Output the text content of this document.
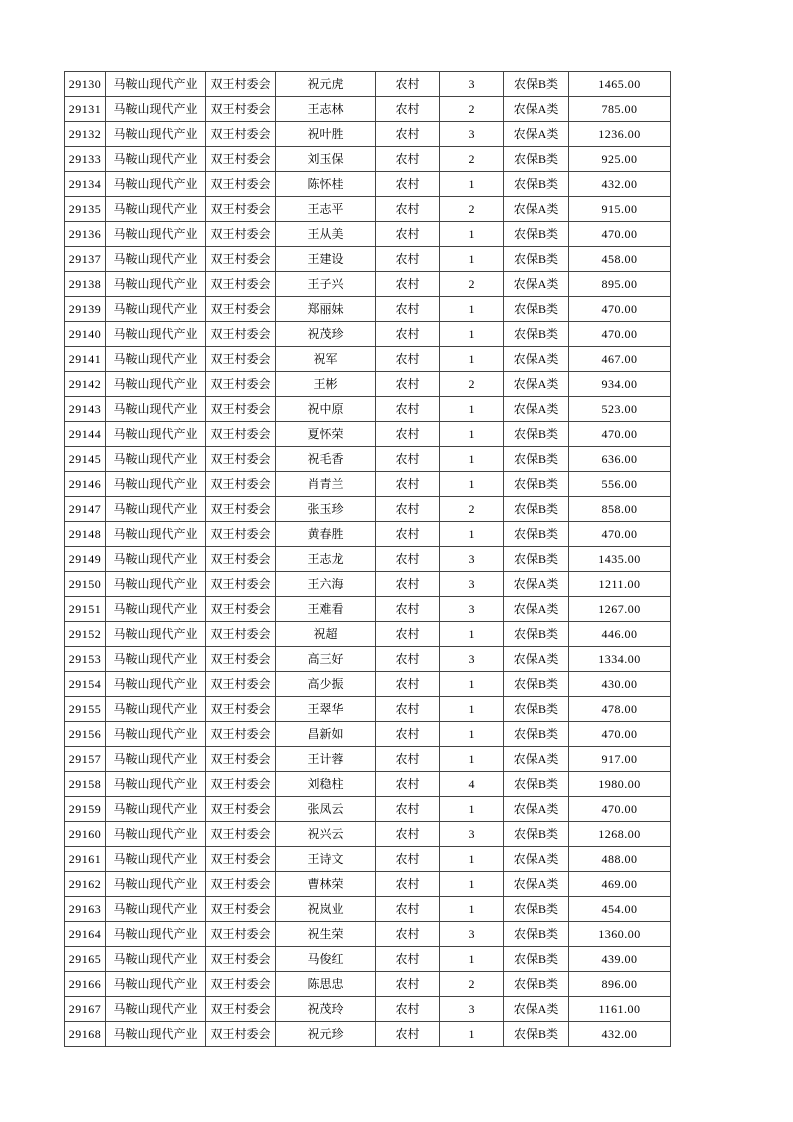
29130	马鞍山现代产业	双王村委会	祝元虎	农村	3	农保B类	1465.00
29131	马鞍山现代产业	双王村委会	王志林	农村	2	农保A类	785.00
29132	马鞍山现代产业	双王村委会	祝叶胜	农村	3	农保A类	1236.00
29133	马鞍山现代产业	双王村委会	刘玉保	农村	2	农保B类	925.00
29134	马鞍山现代产业	双王村委会	陈怀桂	农村	1	农保B类	432.00
29135	马鞍山现代产业	双王村委会	王志平	农村	2	农保A类	915.00
29136	马鞍山现代产业	双王村委会	王从美	农村	1	农保B类	470.00
29137	马鞍山现代产业	双王村委会	王建设	农村	1	农保B类	458.00
29138	马鞍山现代产业	双王村委会	王子兴	农村	2	农保A类	895.00
29139	马鞍山现代产业	双王村委会	郑丽妹	农村	1	农保B类	470.00
29140	马鞍山现代产业	双王村委会	祝茂珍	农村	1	农保B类	470.00
29141	马鞍山现代产业	双王村委会	祝军	农村	1	农保A类	467.00
29142	马鞍山现代产业	双王村委会	王彬	农村	2	农保A类	934.00
29143	马鞍山现代产业	双王村委会	祝中原	农村	1	农保A类	523.00
29144	马鞍山现代产业	双王村委会	夏怀荣	农村	1	农保B类	470.00
29145	马鞍山现代产业	双王村委会	祝毛香	农村	1	农保B类	636.00
29146	马鞍山现代产业	双王村委会	肖青兰	农村	1	农保B类	556.00
29147	马鞍山现代产业	双王村委会	张玉珍	农村	2	农保B类	858.00
29148	马鞍山现代产业	双王村委会	黄春胜	农村	1	农保B类	470.00
29149	马鞍山现代产业	双王村委会	王志龙	农村	3	农保B类	1435.00
29150	马鞍山现代产业	双王村委会	王六海	农村	3	农保A类	1211.00
29151	马鞍山现代产业	双王村委会	王难看	农村	3	农保A类	1267.00
29152	马鞍山现代产业	双王村委会	祝超	农村	1	农保B类	446.00
29153	马鞍山现代产业	双王村委会	高三好	农村	3	农保A类	1334.00
29154	马鞍山现代产业	双王村委会	高少振	农村	1	农保B类	430.00
29155	马鞍山现代产业	双王村委会	王翠华	农村	1	农保B类	478.00
29156	马鞍山现代产业	双王村委会	昌新如	农村	1	农保B类	470.00
29157	马鞍山现代产业	双王村委会	王计蓉	农村	1	农保A类	917.00
29158	马鞍山现代产业	双王村委会	刘稳柱	农村	4	农保B类	1980.00
29159	马鞍山现代产业	双王村委会	张凤云	农村	1	农保A类	470.00
29160	马鞍山现代产业	双王村委会	祝兴云	农村	3	农保B类	1268.00
29161	马鞍山现代产业	双王村委会	王诗文	农村	1	农保A类	488.00
29162	马鞍山现代产业	双王村委会	曹林荣	农村	1	农保A类	469.00
29163	马鞍山现代产业	双王村委会	祝岚业	农村	1	农保B类	454.00
29164	马鞍山现代产业	双王村委会	祝生荣	农村	3	农保B类	1360.00
29165	马鞍山现代产业	双王村委会	马俊红	农村	1	农保B类	439.00
29166	马鞍山现代产业	双王村委会	陈思忠	农村	2	农保B类	896.00
29167	马鞍山现代产业	双王村委会	祝茂玲	农村	3	农保A类	1161.00
29168	马鞍山现代产业	双王村委会	祝元珍	农村	1	农保B类	432.00
